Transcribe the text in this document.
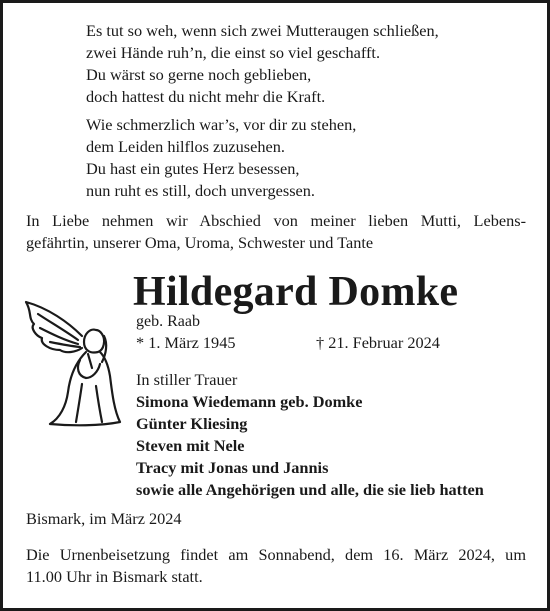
Es tut so weh, wenn sich zwei Mutteraugen schließen,
zwei Hände ruh’n, die einst so viel geschafft.
Du wärst so gerne noch geblieben,
doch hattest du nicht mehr die Kraft.
Wie schmerzlich war’s, vor dir zu stehen,
dem Leiden hilflos zuzusehen.
Du hast ein gutes Herz besessen,
nun ruht es still, doch unvergessen.
In Liebe nehmen wir Abschied von meiner lieben Mutti, Lebens-
gefährtin, unserer Oma, Uroma, Schwester und Tante
Hildegard Domke
geb. Raab
* 1. März 1945	† 21. Februar 2024
In stiller Trauer
Simona Wiedemann geb. Domke
Günter Kliesing
Steven mit Nele
Tracy mit Jonas und Jannis
sowie alle Angehörigen und alle, die sie lieb hatten
Bismark, im März 2024
Die Urnenbeisetzung findet am Sonnabend, dem 16. März 2024, um
11.00 Uhr in Bismark statt.
